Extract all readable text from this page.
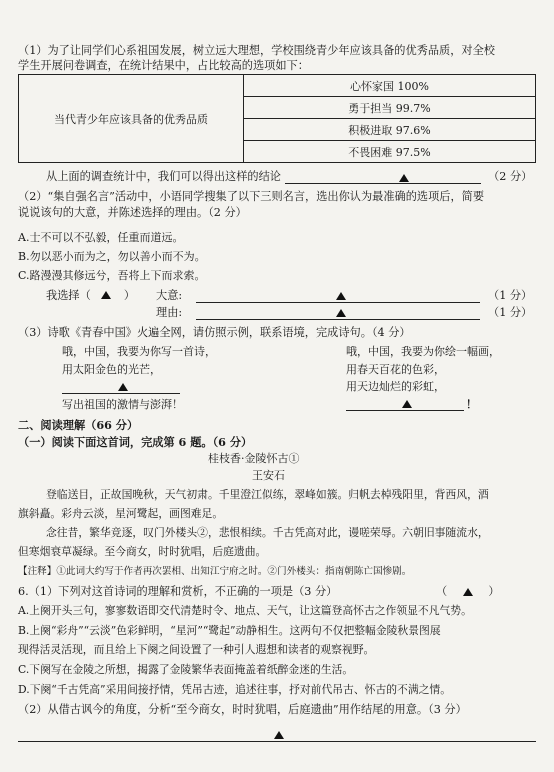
（1）为了让同学们心系祖国发展，树立远大理想，学校围绕青少年应该具备的优秀品质，对全校
学生开展问卷调查，在统计结果中，占比较高的选项如下：
当代青少年应该具备的优秀品质	心怀家国 100%
勇于担当 99.7%
积极进取 97.6%
不畏困难 97.5%
从上面的调查统计中，我们可以得出这样的结论	（2 分）
（2）“集自强名言”活动中，小语同学搜集了以下三则名言，选出你认为最准确的选项后，简要
说说该句的大意，并陈述选择的理由。（2 分）
A.士不可以不弘毅，任重而道远。
B.勿以恶小而为之，勿以善小而不为。
C.路漫漫其修远兮，吾将上下而求索。
我选择（	） 大意:	（1 分）
理由:	（1 分）
（3）诗歌《青春中国》火遍全网，请仿照示例，联系语境，完成诗句。（4 分）
哦，中国，我要为你写一首诗，
用太阳金色的光芒，
写出祖国的激情与澎湃！
哦，中国，我要为你绘一幅画，
用春天百花的色彩，
用天边灿烂的彩虹，
！
二、阅读理解（66 分）
（一）阅读下面这首词，完成第 6 题。（6 分）
桂枝香·金陵怀古①
王安石
登临送目，正故国晚秋，天气初肃。千里澄江似练，翠峰如簇。归帆去棹残阳里，背西风，酒
旗斜矗。彩舟云淡，星河鹭起，画图难足。
念往昔，繁华竞逐，叹门外楼头②，悲恨相续。千古凭高对此，谩嗟荣辱。六朝旧事随流水，
但寒烟衰草凝绿。至今商女，时时犹唱，后庭遗曲。
【注释】①此词大约写于作者再次罢相、出知江宁府之时。②门外楼头：指南朝陈亡国惨剧。
6.（1）下列对这首诗词的理解和赏析，不正确的一项是（3 分）	（	）
A.上阕开头三句，寥寥数语即交代清楚时令、地点、天气，让这篇登高怀古之作领显不凡气势。
B.上阕“彩舟”“云淡”色彩鲜明，“星河”“鹭起”动静相生。这两句不仅把整幅金陵秋景图展
现得活灵活现，而且给上下阕之间设置了一种引人遐想和读者的观察视野。
C.下阕写在金陵之所想，揭露了金陵繁华表面掩盖着纸醉金迷的生活。
D.下阕“千古凭高”采用间接抒情，凭吊古迹，追述往事，抒对前代吊古、怀古的不满之情。
（2）从借古讽今的角度，分析“至今商女，时时犹唱，后庭遗曲”用作结尾的用意。（3 分）
